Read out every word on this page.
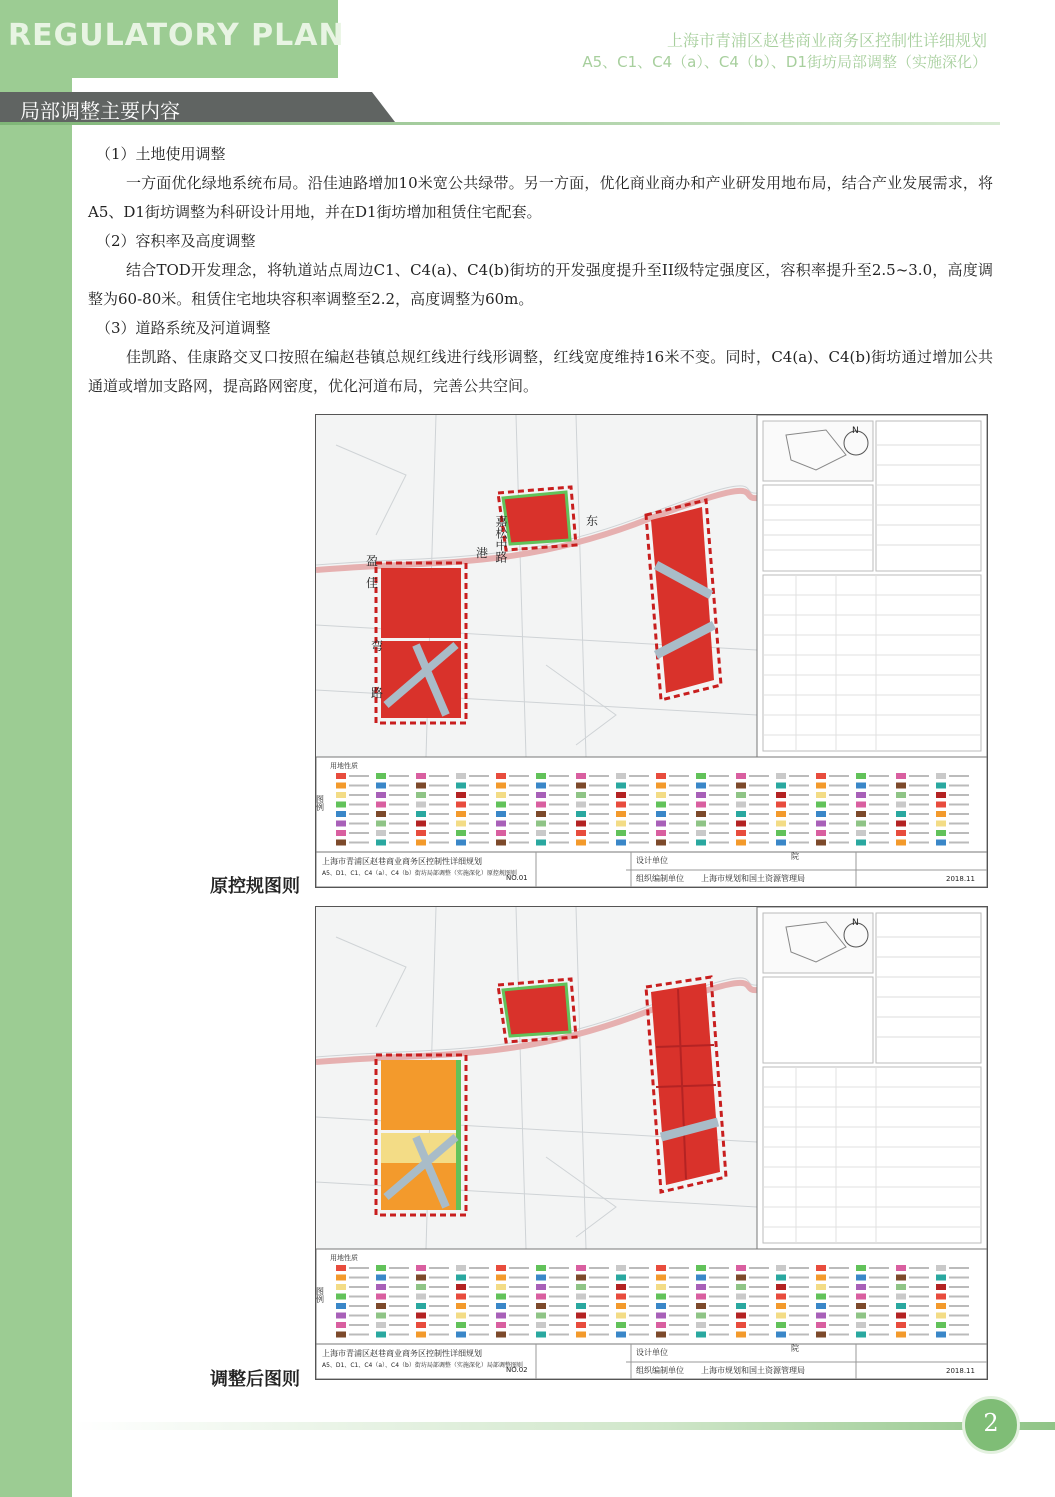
REGULATORY PLAN	上海市青浦区赵巷商业商务区控制性详细规划
A5、C1、C4（a）、C4（b）、D1街坊局部调整（实施深化）
局部调整主要内容

（1）土地使用调整

一方面优化绿地系统布局。沿佳迪路增加10米宽公共绿带。另一方面，优化商业商办和产业研发用地布局，结合产业发展需求，将A5、D1街坊调整为科研设计用地，并在D1街坊增加租赁住宅配套。

（2）容积率及高度调整

结合TOD开发理念，将轨道站点周边C1、C4(a)、C4(b)街坊的开发强度提升至II级特定强度区，容积率提升至2.5~3.0，高度调整为60-80米。租赁住宅地块容积率调整至2.2，高度调整为60m。

（3）道路系统及河道调整

佳凯路、佳康路交叉口按照在编赵巷镇总规红线进行线形调整，红线宽度维持16米不变。同时，C4(a)、C4(b)街坊通过增加公共通道或增加支路网，提高路网密度，优化河道布局，完善公共空间。

嘉松中路	东
港
盈
佳
弯
路
N
用地性质
图例
上海市青浦区赵巷商业商务区控制性详细规划
A5、D1、C1、C4（a）、C4（b）街坊局部调整（实施深化）原控规图则
NO.01
设计单位	院
组织编制单位 上海市规划和国土资源管理局	2018.11
原控规图则
用地性质
图例
N
上海市青浦区赵巷商业商务区控制性详细规划
A5、D1、C1、C4（a）、C4（b）街坊局部调整（实施深化）局部调整图则
NO.02
设计单位	院
组织编制单位 上海市规划和国土资源管理局	2018.11
调整后图则
2
